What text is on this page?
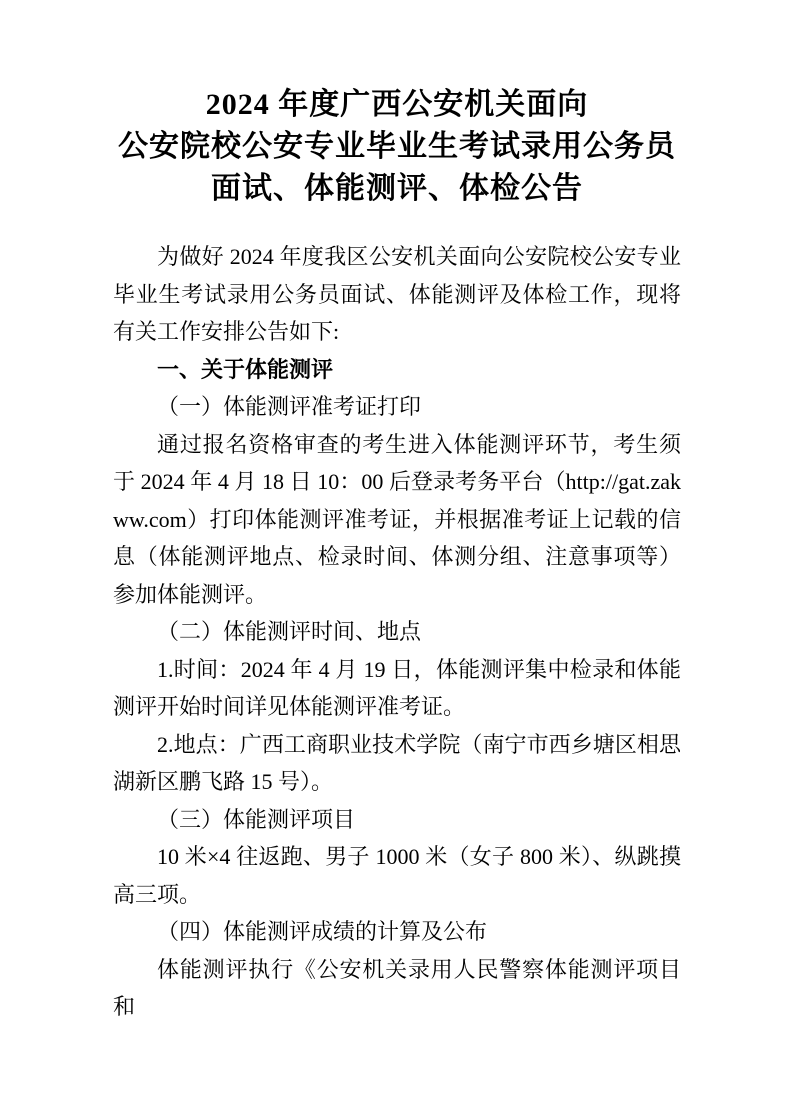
2024 年度广西公安机关面向
公安院校公安专业毕业生考试录用公务员
面试、体能测评、体检公告

为做好 2024 年度我区公安机关面向公安院校公安专业毕业生考试录用公务员面试、体能测评及体检工作，现将有关工作安排公告如下:

一、关于体能测评

（一）体能测评准考证打印

通过报名资格审查的考生进入体能测评环节，考生须于 2024 年 4 月 18 日 10：00 后登录考务平台（http://gat.zakww.com）打印体能测评准考证，并根据准考证上记载的信息（体能测评地点、检录时间、体测分组、注意事项等）参加体能测评。

（二）体能测评时间、地点

1.时间：2024 年 4 月 19 日，体能测评集中检录和体能测评开始时间详见体能测评准考证。

2.地点：广西工商职业技术学院（南宁市西乡塘区相思湖新区鹏飞路 15 号）。

（三）体能测评项目

10 米×4 往返跑、男子 1000 米（女子 800 米）、纵跳摸高三项。

（四）体能测评成绩的计算及公布

体能测评执行《公安机关录用人民警察体能测评项目和
